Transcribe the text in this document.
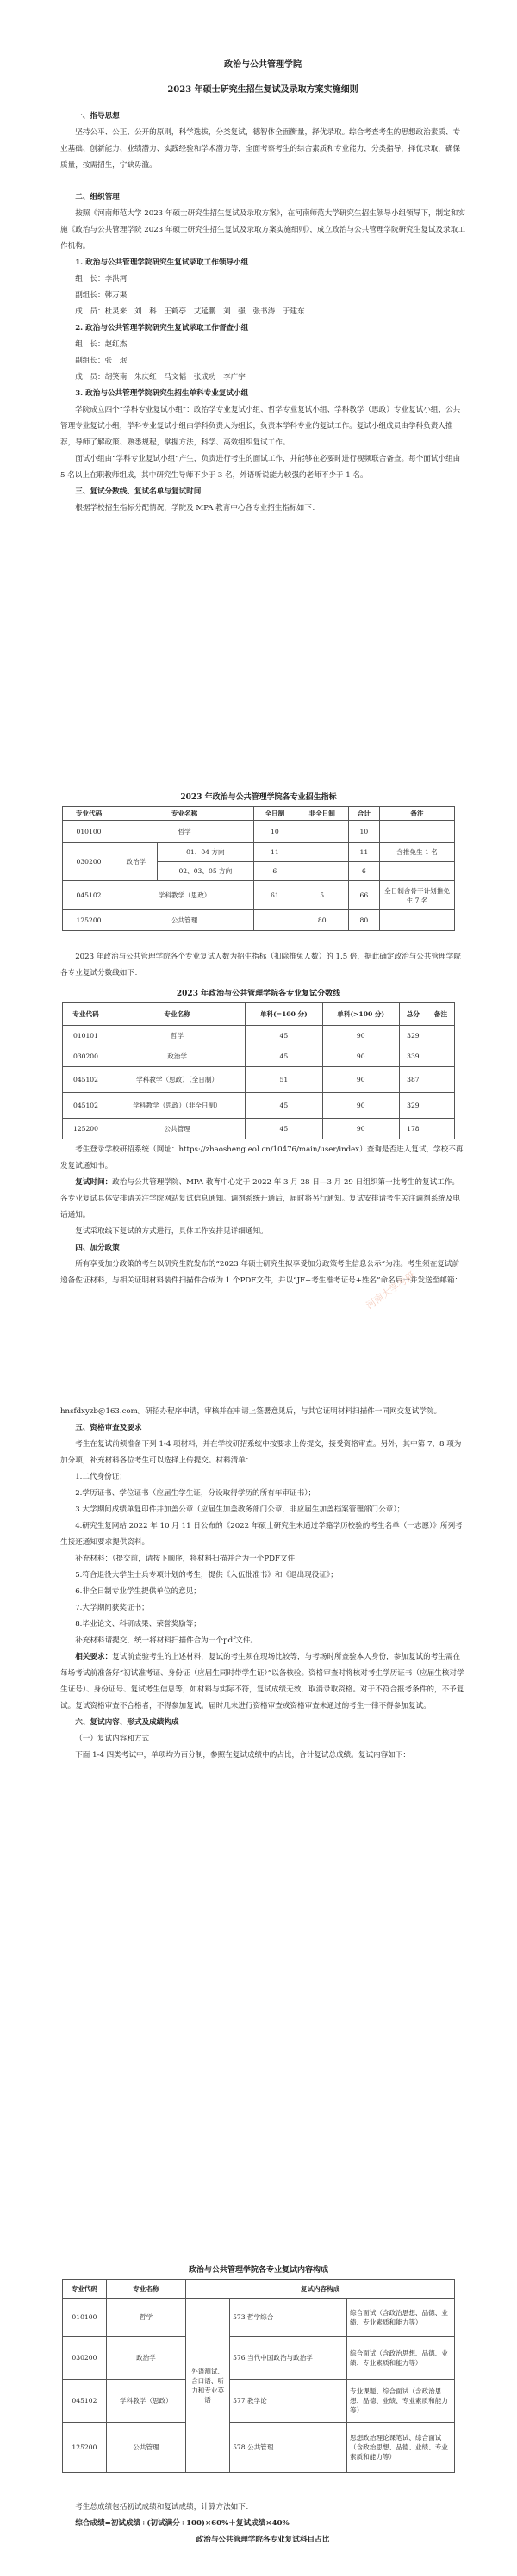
政治与公共管理学院
2023 年硕士研究生招生复试及录取方案实施细则

一、指导思想

坚持公平、公正、公开的原则，科学选拔，分类复试，德智体全面衡量，择优录取。综合考查考生的思想政治素质、专业基础、创新能力、业绩潜力、实践经验和学术潜力等，全面考察考生的综合素质和专业能力，分类指导，择优录取，确保质量，按需招生，宁缺毋滥。

二、组织管理

按照《河南师范大学 2023 年硕士研究生招生复试及录取方案》，在河南师范大学研究生招生领导小组领导下，制定和实施《政治与公共管理学院 2023 年硕士研究生招生复试及录取方案实施细则》，成立政治与公共管理学院研究生复试及录取工作机构。

1. 政治与公共管理学院研究生复试录取工作领导小组

组　长：李洪河

副组长：韩万渠

成　员：杜灵来　刘　科　王鹤亭　艾延鹏　刘　强　张书涛　于建东

2. 政治与公共管理学院研究生复试录取工作督查小组

组　长：赵红杰

副组长：张　珉

成　员：胡笑南　朱庆红　马文韬　张成功　李广宇

3. 政治与公共管理学院研究生招生单科专业复试小组

学院成立四个“学科专业复试小组”：政治学专业复试小组、哲学专业复试小组、学科教学（思政）专业复试小组、公共管理专业复试小组，学科专业复试小组由学科负责人为组长，负责本学科专业的复试工作。复试小组成员由学科负责人推荐，导师了解政策、熟悉规程，掌握方法，科学、高效组织复试工作。

面试小组由“学科专业复试小组”产生，负责进行考生的面试工作，并能够在必要时进行视频联合备查。每个面试小组由 5 名以上在职教师组成，其中研究生导师不少于 3 名，外语听说能力较强的老师不少于 1 名。

三、复试分数线、复试名单与复试时间

根据学校招生指标分配情况，学院及 MPA 教育中心各专业招生指标如下：

2023 年政治与公共管理学院各专业招生指标
专业代码	专业名称		全日制	非全日制	合计	备注
010100	哲学		10		10	
030200	政治学	01、04 方向	11		11	含推免生 1 名
		02、03、05 方向	6		6	
045102	学科教学（思政）		61	5	66	全日制含骨干计划推免生 7 名
125200	公共管理			80	80	
2023 年政治与公共管理学院各个专业复试人数为招生指标（扣除推免人数）的 1.5 倍，据此确定政治与公共管理学院各专业复试分数线如下：
2023 年政治与公共管理学院各专业复试分数线
专业代码	专业名称	单科(=100 分)	单科(>100 分)	总分	备注
010101	哲学	45	90	329	
030200	政治学	45	90	339	
045102	学科教学（思政）（全日制）	51	90	387	
045102	学科教学（思政）（非全日制）	45	90	329	
125200	公共管理	45	90	178	

考生登录学校研招系统（网址：https://zhaosheng.eol.cn/10476/main/user/index）查询是否进入复试，学校不再发复试通知书。

复试时间：政治与公共管理学院、MPA 教育中心定于 2022 年 3 月 28 日—3 月 29 日组织第一批考生的复试工作。各专业复试具体安排请关注学院网站复试信息通知。调剂系统开通后，届时将另行通知。复试安排请考生关注调剂系统及电话通知。

复试采取线下复试的方式进行，具体工作安排见详细通知。

四、加分政策

所有享受加分政策的考生以研究生院发布的“2023 年硕士研究生拟享受加分政策考生信息公示”为准。考生须在复试前递备佐证材料，与相关证明材料装件扫描件合成为 1 个PDF文件，并以“JF+考生准考证号+姓名”命名后一并发送至邮箱：

hnsfdxyzb@163.com。研招办程序申请，审核并在申请上签署意见后，与其它证明材料扫描件一同网交复试学院。

五、资格审查及要求

考生在复试前须准备下列 1-4 项材料，并在学校研招系统中按要求上传提交，接受资格审查。另外，其中第 7、8 项为加分项，补充材料各位考生可以选择上传提交。材料清单：

1.二代身份证；

2.学历证书、学位证书（应届生学生证，分设取得学历的所有年审证书）；

3.大学期间成绩单复印件并加盖公章（应届生加盖教务部门公章，非应届生加盖档案管理部门公章）；

4.研究生复网站 2022 年 10 月 11 日公布的《2022 年硕士研究生未通过学籍学历校验的考生名单（一志愿）》所列考生接还通知要求提供资料。

补充材料：（提交前，请按下顺序，将材料扫描并合为一个PDF文件

5.符合退役大学生士兵专项计划的考生，提供《入伍批准书》和《退出现役证》；

6.非全日制专业学生提供单位的意见；

7.大学期间获奖证书；

8.毕业论文、科研成果、荣誉奖励等；

补充材料请提交，统一将材料扫描件合为一个pdf文件。

相关要求：复试前查验考生的上述材料，复试的考生须在现场比较等，与考场时所查验本人身份，参加复试的考生需在每场考试前准备好“初试准考证、身份证（应届生同时带学生证）”以备核验。资格审查时将核对考生学历证书（应届生核对学生证号）、身份证号、复试考生信息等，如材料与实际不符，复试成绩无效，取消录取资格。对于不符合报考条件的，不予复试。复试资格审查不合格者，不得参加复试。届时凡未进行资格审查或资格审查未通过的考生一律不得参加复试。

六、复试内容、形式及成绩构成

（一）复试内容和方式

下面 1-4 四类考试中，单项均为百分制，参照在复试成绩中的占比，合计复试总成绩。复试内容如下：

政治与公共管理学院各专业复试内容构成
专业代码	专业名称	复试内容构成		
010100	哲学	外语测试、含口语、听力和专业英语	573 哲学综合	综合面试（含政治思想、品德、业绩、专业素质和能力等）
030200	政治学		576 当代中国政治与政治学	综合面试（含政治思想、品德、业绩、专业素质和能力等）
045102	学科教学（思政）		577 教学论	专业课题、综合面试（含政治思想、品德、业绩、专业素质和能力等）
125200	公共管理		578 公共管理	思想政治理论课笔试、综合面试（含政治思想、品德、业绩、专业素质和能力等）

考生总成绩包括初试成绩和复试成绩，计算方法如下：

综合成绩=初试成绩÷(初试满分÷100)×60%＋复试成绩×40%

政治与公共管理学院各专业复试科目占比

河南大学考研
